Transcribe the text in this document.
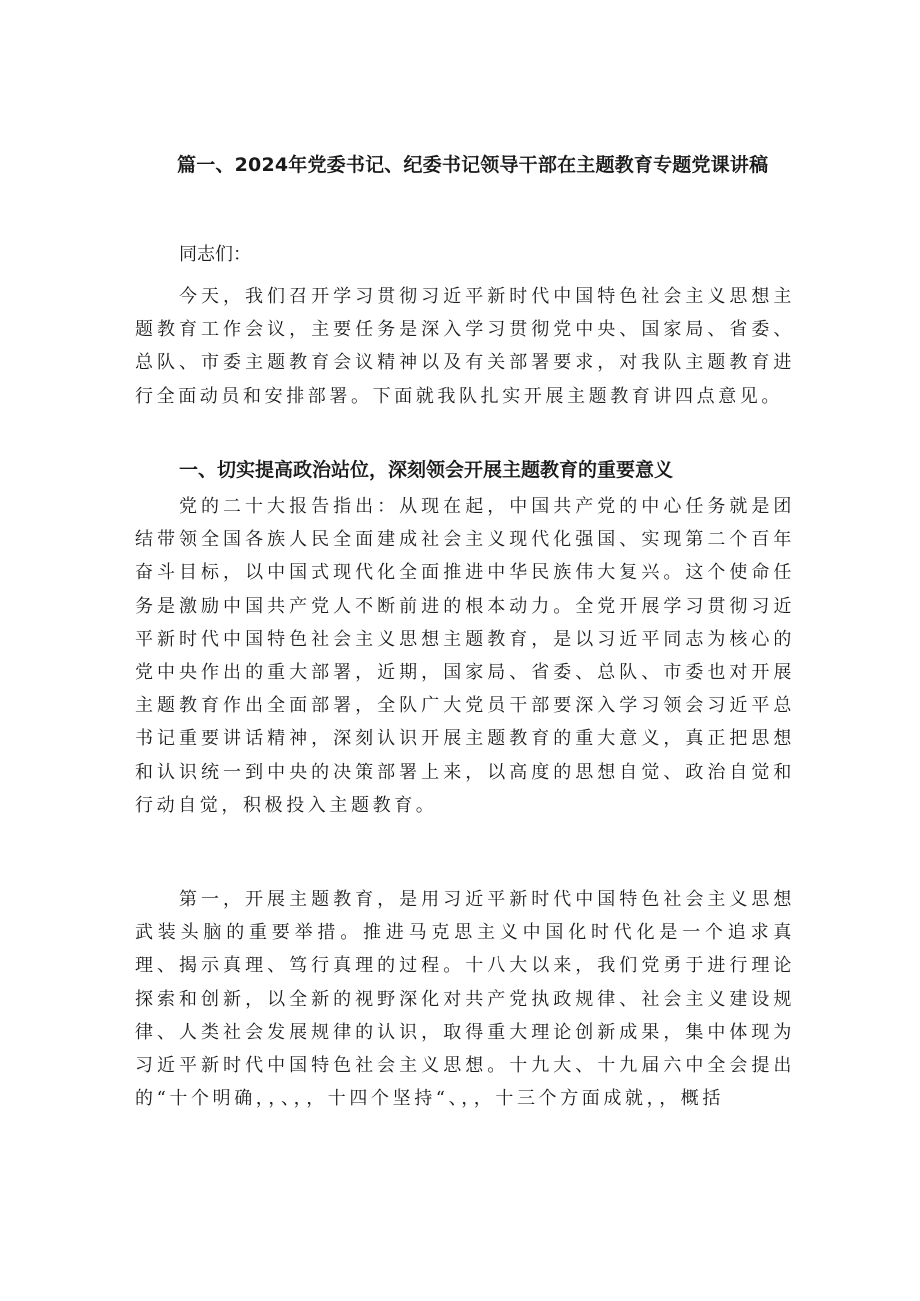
篇一、2024年党委书记、纪委书记领导干部在主题教育专题党课讲稿
同志们：

今天，我们召开学习贯彻习近平新时代中国特色社会主义思想主题教育工作会议，主要任务是深入学习贯彻党中央、国家局、省委、总队、市委主题教育会议精神以及有关部署要求，对我队主题教育进行全面动员和安排部署。下面就我队扎实开展主题教育讲四点意见。

一、切实提高政治站位，深刻领会开展主题教育的重要意义

党的二十大报告指出：从现在起，中国共产党的中心任务就是团结带领全国各族人民全面建成社会主义现代化强国、实现第二个百年奋斗目标，以中国式现代化全面推进中华民族伟大复兴。这个使命任务是激励中国共产党人不断前进的根本动力。全党开展学习贯彻习近平新时代中国特色社会主义思想主题教育，是以习近平同志为核心的党中央作出的重大部署，近期，国家局、省委、总队、市委也对开展主题教育作出全面部署，全队广大党员干部要深入学习领会习近平总书记重要讲话精神，深刻认识开展主题教育的重大意义，真正把思想和认识统一到中央的决策部署上来，以高度的思想自觉、政治自觉和行动自觉，积极投入主题教育。

第一，开展主题教育，是用习近平新时代中国特色社会主义思想武装头脑的重要举措。推进马克思主义中国化时代化是一个追求真理、揭示真理、笃行真理的过程。十八大以来，我们党勇于进行理论探索和创新，以全新的视野深化对共产党执政规律、社会主义建设规律、人类社会发展规律的认识，取得重大理论创新成果，集中体现为习近平新时代中国特色社会主义思想。十九大、十九届六中全会提出的“十个明确，，、，，十四个坚持“、，，十三个方面成就，，概括
